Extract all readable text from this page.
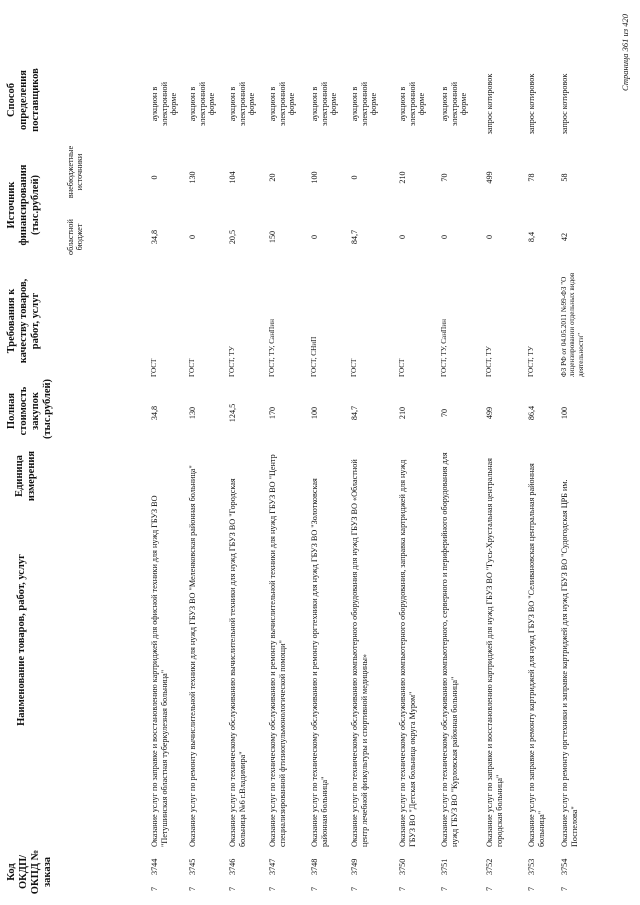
Код ОКДП/ ОКПД № заказа
Наименование товаров, работ, услуг
Единица измерения
Полная стоимость закупок (тыс.рублей)
Требования к качеству товаров, работ, услуг
Источник финансирования (тыс.рублей)
областной бюджет
внебюджетные источники
Способ определения поставщиков
7
3744
Оказание услуг по заправке и восстановлению картриджей для офисной техники для нужд ГБУЗ ВО "Петушинская областная туберкулезная больница"
34,8
ГОСТ
34,8
0
аукцион в электронной форме
7
3745
Оказание услуг по ремонту вычислительной техники для нужд ГБУЗ ВО "Меленковская районная больница"
130
ГОСТ
0
130
аукцион в электронной форме
7
3746
Оказание услуг по техническому обслуживанию вычислительной техники для нужд ГБУЗ ВО "Городская больница №6 г.Владимира"
124,5
ГОСТ, ТУ
20,5
104
аукцион в электронной форме
7
3747
Оказание услуг по техническому обслуживанию и ремонту вычислительной техники для нужд ГБУЗ ВО "Центр специализированной фтизиопульмонологической помощи"
170
ГОСТ, ТУ, СанПин
150
20
аукцион в электронной форме
7
3748
Оказание услуг по техническому обслуживанию и ремонту оргтехники для нужд ГБУЗ ВО "Золотковская районная больница"
100
ГОСТ, СНиП
0
100
аукцион в электронной форме
7
3749
Оказание услуг по техническому обслуживанию компьютерного оборудования для нужд ГБУЗ ВО «Областной центр лечебной физкультуры и спортивной медицины»
84,7
ГОСТ
84,7
0
аукцион в электронной форме
7
3750
Оказание услуг по техническому обслуживанию компьютерного оборудования, заправка картриджей для нужд ГБУЗ ВО "Детская больница округа Муром"
210
ГОСТ
0
210
аукцион в электронной форме
7
3751
Оказание услуг по техническому обслуживанию компьютерного, серверного и периферийного оборудования для нужд ГБУЗ ВО "Курловская районная больница"
70
ГОСТ, ТУ, СанПин
0
70
аукцион в электронной форме
7
3752
Оказание услуг по заправке и восстановлению картриджей для нужд ГБУЗ ВО "Гусь-Хрустальная центральная городская больница"
499
ГОСТ, ТУ
0
499
запрос котировок
7
3753
Оказание услуг по заправке и ремонту картриджей для нужд ГБУЗ ВО "Селивановская центральная районная больница"
86,4
ГОСТ, ТУ
8,4
78
запрос котировок
7
3754
Оказание услуг по ремонту оргтехники и заправке картриджей для нужд ГБУЗ ВО "Судогодская ЦРБ им. Поспелова"
100
ФЗ РФ от 04.05.2011 №99-ФЗ "О лицензировании отдельных видов деятельности"
42
58
запрос котировок
Страница 361 из 420
